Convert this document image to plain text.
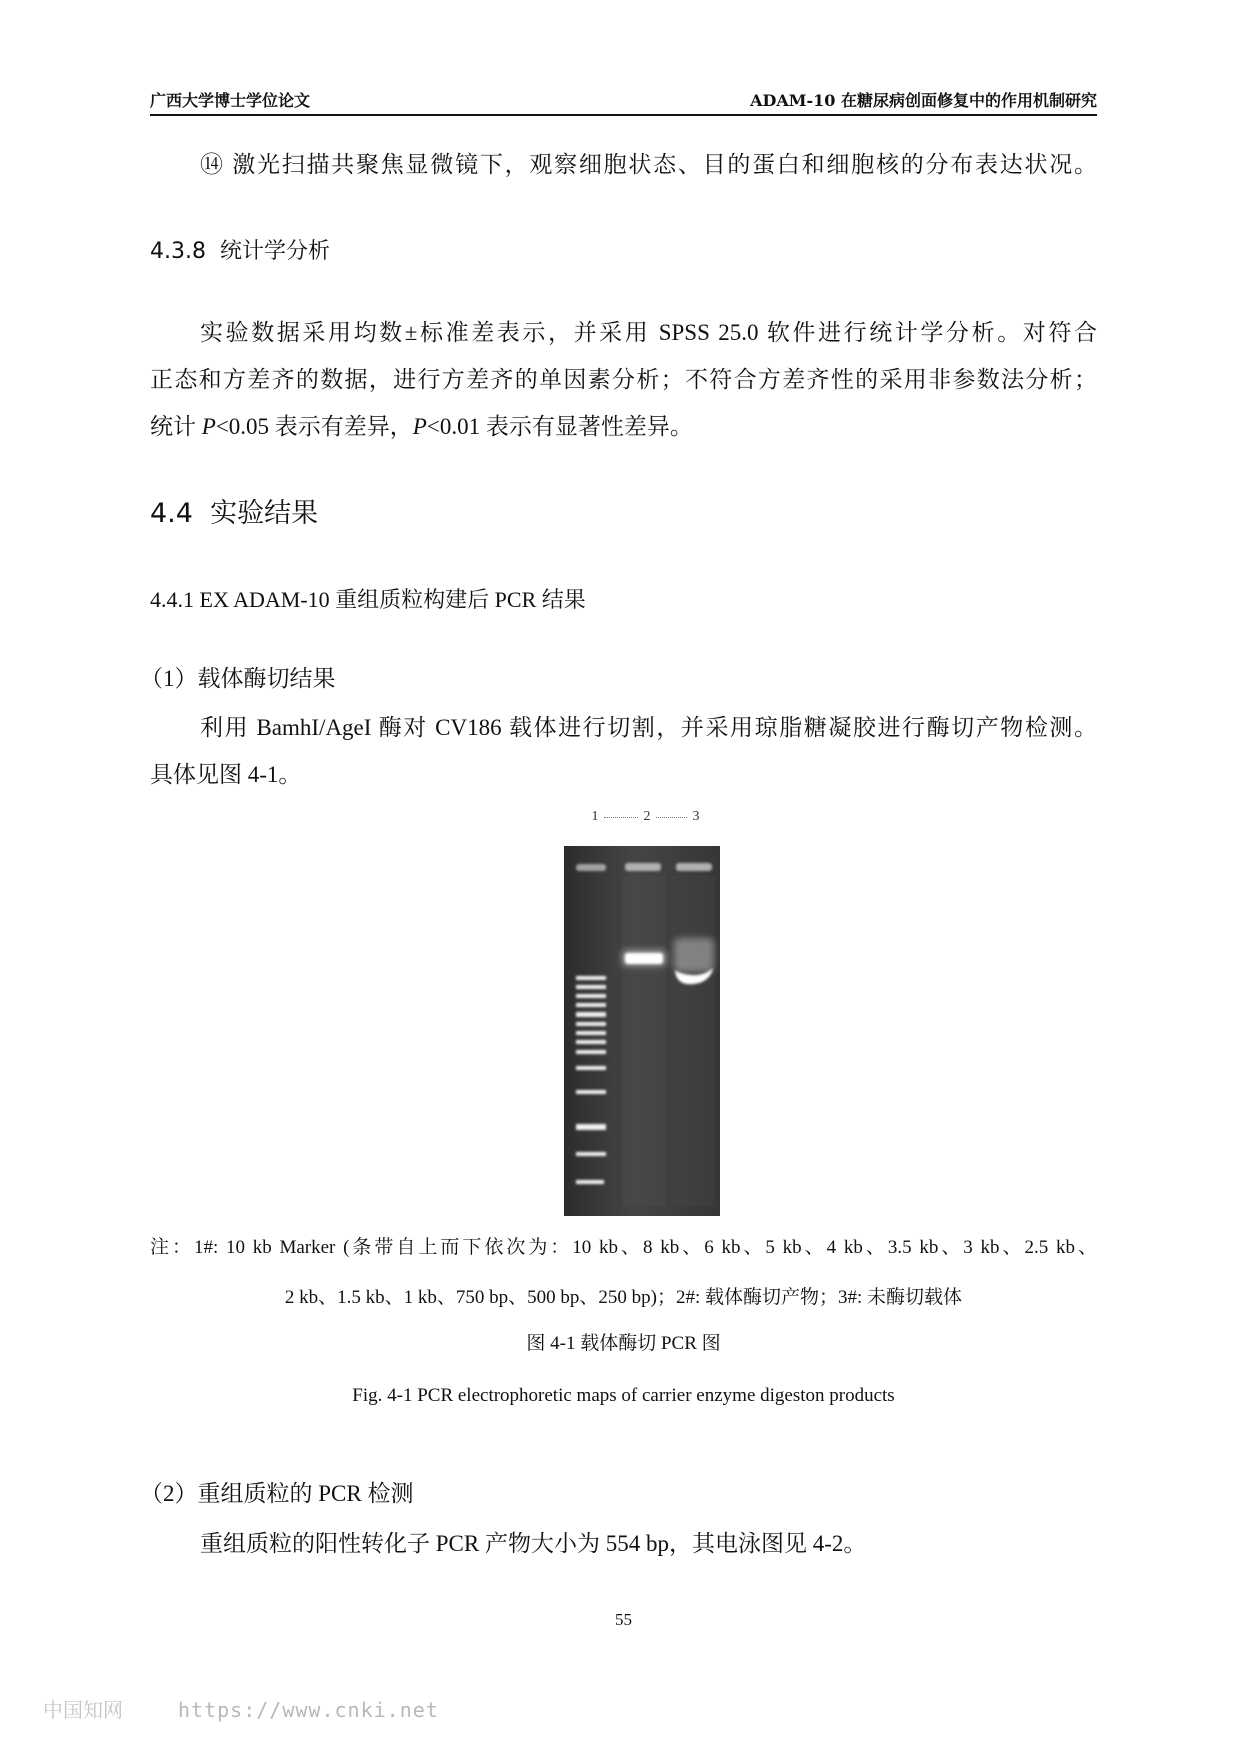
广西大学博士学位论文	ADAM-10 在糖尿病创面修复中的作用机制研究
⑭ 激光扫描共聚焦显微镜下，观察细胞状态、目的蛋白和细胞核的分布表达状况。
4.3.8  统计学分析
实验数据采用均数±标准差表示，并采用 SPSS 25.0 软件进行统计学分析。对符合
正态和方差齐的数据，进行方差齐的单因素分析；不符合方差齐性的采用非参数法分析；
统计 P<0.05 表示有差异，P<0.01 表示有显著性差异。
4.4  实验结果
4.4.1 EX ADAM-10 重组质粒构建后 PCR 结果
（1）载体酶切结果
利用 BamhI/AgeI 酶对 CV186 载体进行切割，并采用琼脂糖凝胶进行酶切产物检测。
具体见图 4-1。
1	2	3
注：1#: 10 kb Marker (条带自上而下依次为：10 kb、8 kb、6 kb、5 kb、4 kb、3.5 kb、3 kb、2.5 kb、
2 kb、1.5 kb、1 kb、750 bp、500 bp、250 bp)；2#: 载体酶切产物；3#: 未酶切载体
图 4-1 载体酶切 PCR 图
Fig. 4-1 PCR electrophoretic maps of carrier enzyme digeston products
（2）重组质粒的 PCR 检测
重组质粒的阳性转化子 PCR 产物大小为 554 bp，其电泳图见 4-2。
55
中国知网	https://www.cnki.net
